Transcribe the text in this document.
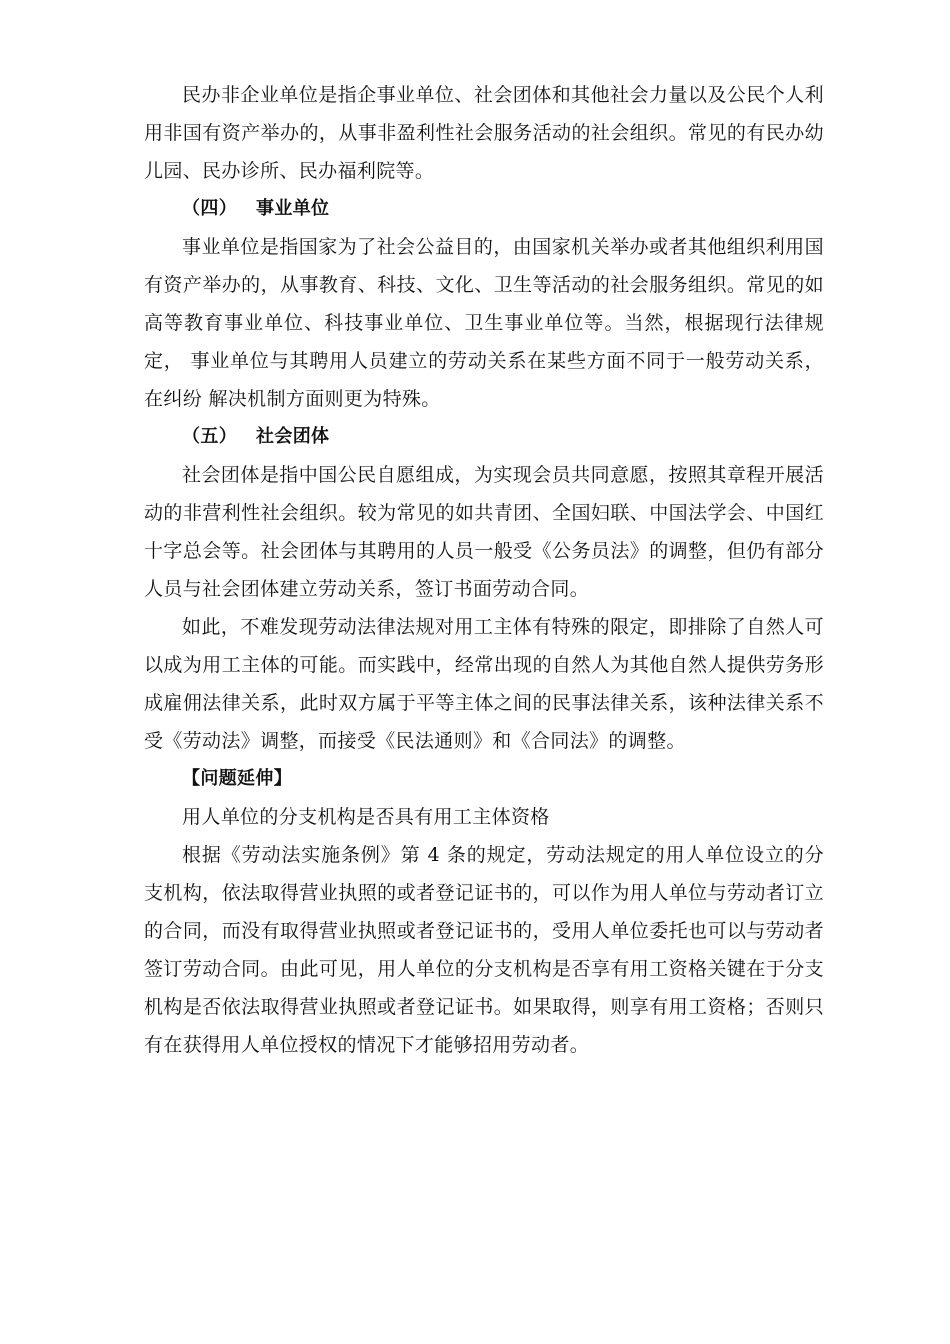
民办非企业单位是指企事业单位、社会团体和其他社会力量以及公民个人利用非国有资产举办的，从事非盈利性社会服务活动的社会组织。常见的有民办幼儿园、民办诊所、民办福利院等。

（四） 事业单位

事业单位是指国家为了社会公益目的，由国家机关举办或者其他组织利用国有资产举办的，从事教育、科技、文化、卫生等活动的社会服务组织。常见的如高等教育事业单位、科技事业单位、卫生事业单位等。当然，根据现行法律规定， 事业单位与其聘用人员建立的劳动关系在某些方面不同于一般劳动关系，在纠纷 解决机制方面则更为特殊。

（五） 社会团体

社会团体是指中国公民自愿组成，为实现会员共同意愿，按照其章程开展活动的非营利性社会组织。较为常见的如共青团、全国妇联、中国法学会、中国红十字总会等。社会团体与其聘用的人员一般受《公务员法》的调整，但仍有部分人员与社会团体建立劳动关系，签订书面劳动合同。

如此，不难发现劳动法律法规对用工主体有特殊的限定，即排除了自然人可以成为用工主体的可能。而实践中，经常出现的自然人为其他自然人提供劳务形成雇佣法律关系，此时双方属于平等主体之间的民事法律关系，该种法律关系不受《劳动法》调整，而接受《民法通则》和《合同法》的调整。

【问题延伸】

用人单位的分支机构是否具有用工主体资格

根据《劳动法实施条例》第 4 条的规定，劳动法规定的用人单位设立的分支机构，依法取得营业执照的或者登记证书的，可以作为用人单位与劳动者订立的合同，而没有取得营业执照或者登记证书的，受用人单位委托也可以与劳动者签订劳动合同。由此可见，用人单位的分支机构是否享有用工资格关键在于分支机构是否依法取得营业执照或者登记证书。如果取得，则享有用工资格；否则只有在获得用人单位授权的情况下才能够招用劳动者。
